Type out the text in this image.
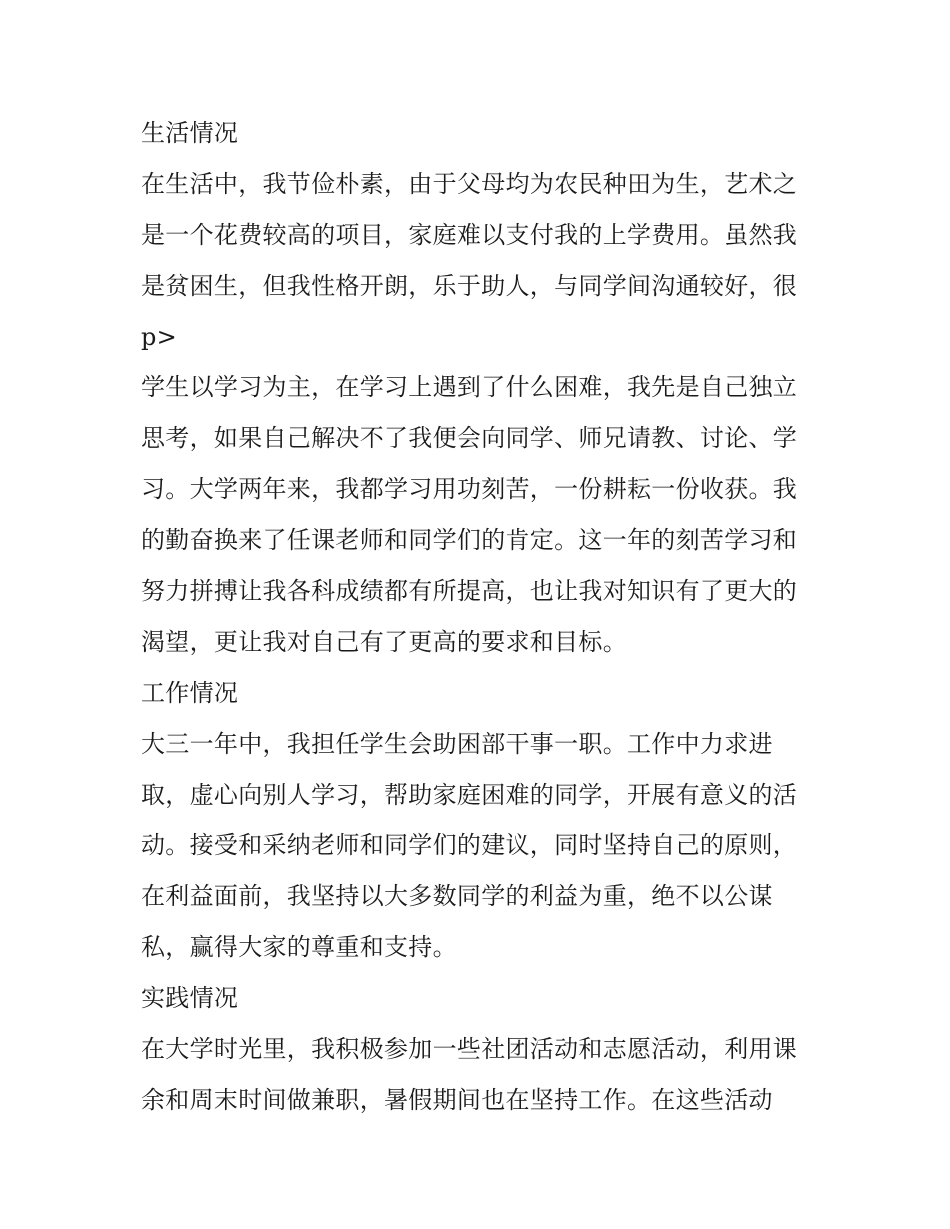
生活情况
在生活中，我节俭朴素，由于父母均为农民种田为生，艺术之
是一个花费较高的项目，家庭难以支付我的上学费用。虽然我
是贫困生，但我性格开朗，乐于助人，与同学间沟通较好，很
p>
学生以学习为主，在学习上遇到了什么困难，我先是自己独立
思考，如果自己解决不了我便会向同学、师兄请教、讨论、学
习。大学两年来，我都学习用功刻苦，一份耕耘一份收获。我
的勤奋换来了任课老师和同学们的肯定。这一年的刻苦学习和
努力拼搏让我各科成绩都有所提高，也让我对知识有了更大的
渴望，更让我对自己有了更高的要求和目标。
工作情况
大三一年中，我担任学生会助困部干事一职。工作中力求进
取，虚心向别人学习，帮助家庭困难的同学，开展有意义的活
动。接受和采纳老师和同学们的建议，同时坚持自己的原则，
在利益面前，我坚持以大多数同学的利益为重，绝不以公谋
私，赢得大家的尊重和支持。
实践情况
在大学时光里，我积极参加一些社团活动和志愿活动，利用课
余和周末时间做兼职，暑假期间也在坚持工作。在这些活动
